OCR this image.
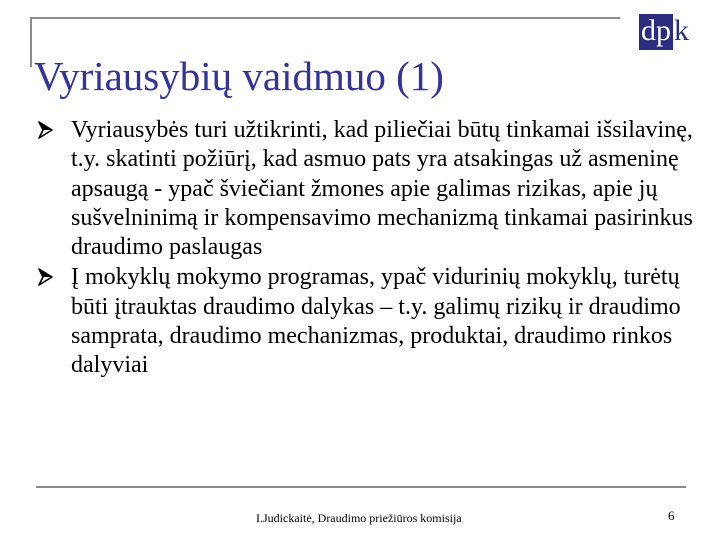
Vyriausybių vaidmuo (1)
dp k
Vyriausybės turi užtikrinti, kad piliečiai būtų tinkamai išsilavinę, t.y. skatinti požiūrį, kad asmuo pats yra atsakingas už asmeninę apsaugą - ypač šviečiant žmones apie galimas rizikas, apie jų sušvelninimą ir kompensavimo mechanizmą tinkamai pasirinkus draudimo paslaugas
Į mokyklų mokymo programas, ypač vidurinių mokyklų, turėtų būti įtrauktas draudimo dalykas – t.y. galimų rizikų ir draudimo samprata, draudimo mechanizmas, produktai, draudimo rinkos dalyviai
I.Judickaitė, Draudimo priežiūros komisija	6
